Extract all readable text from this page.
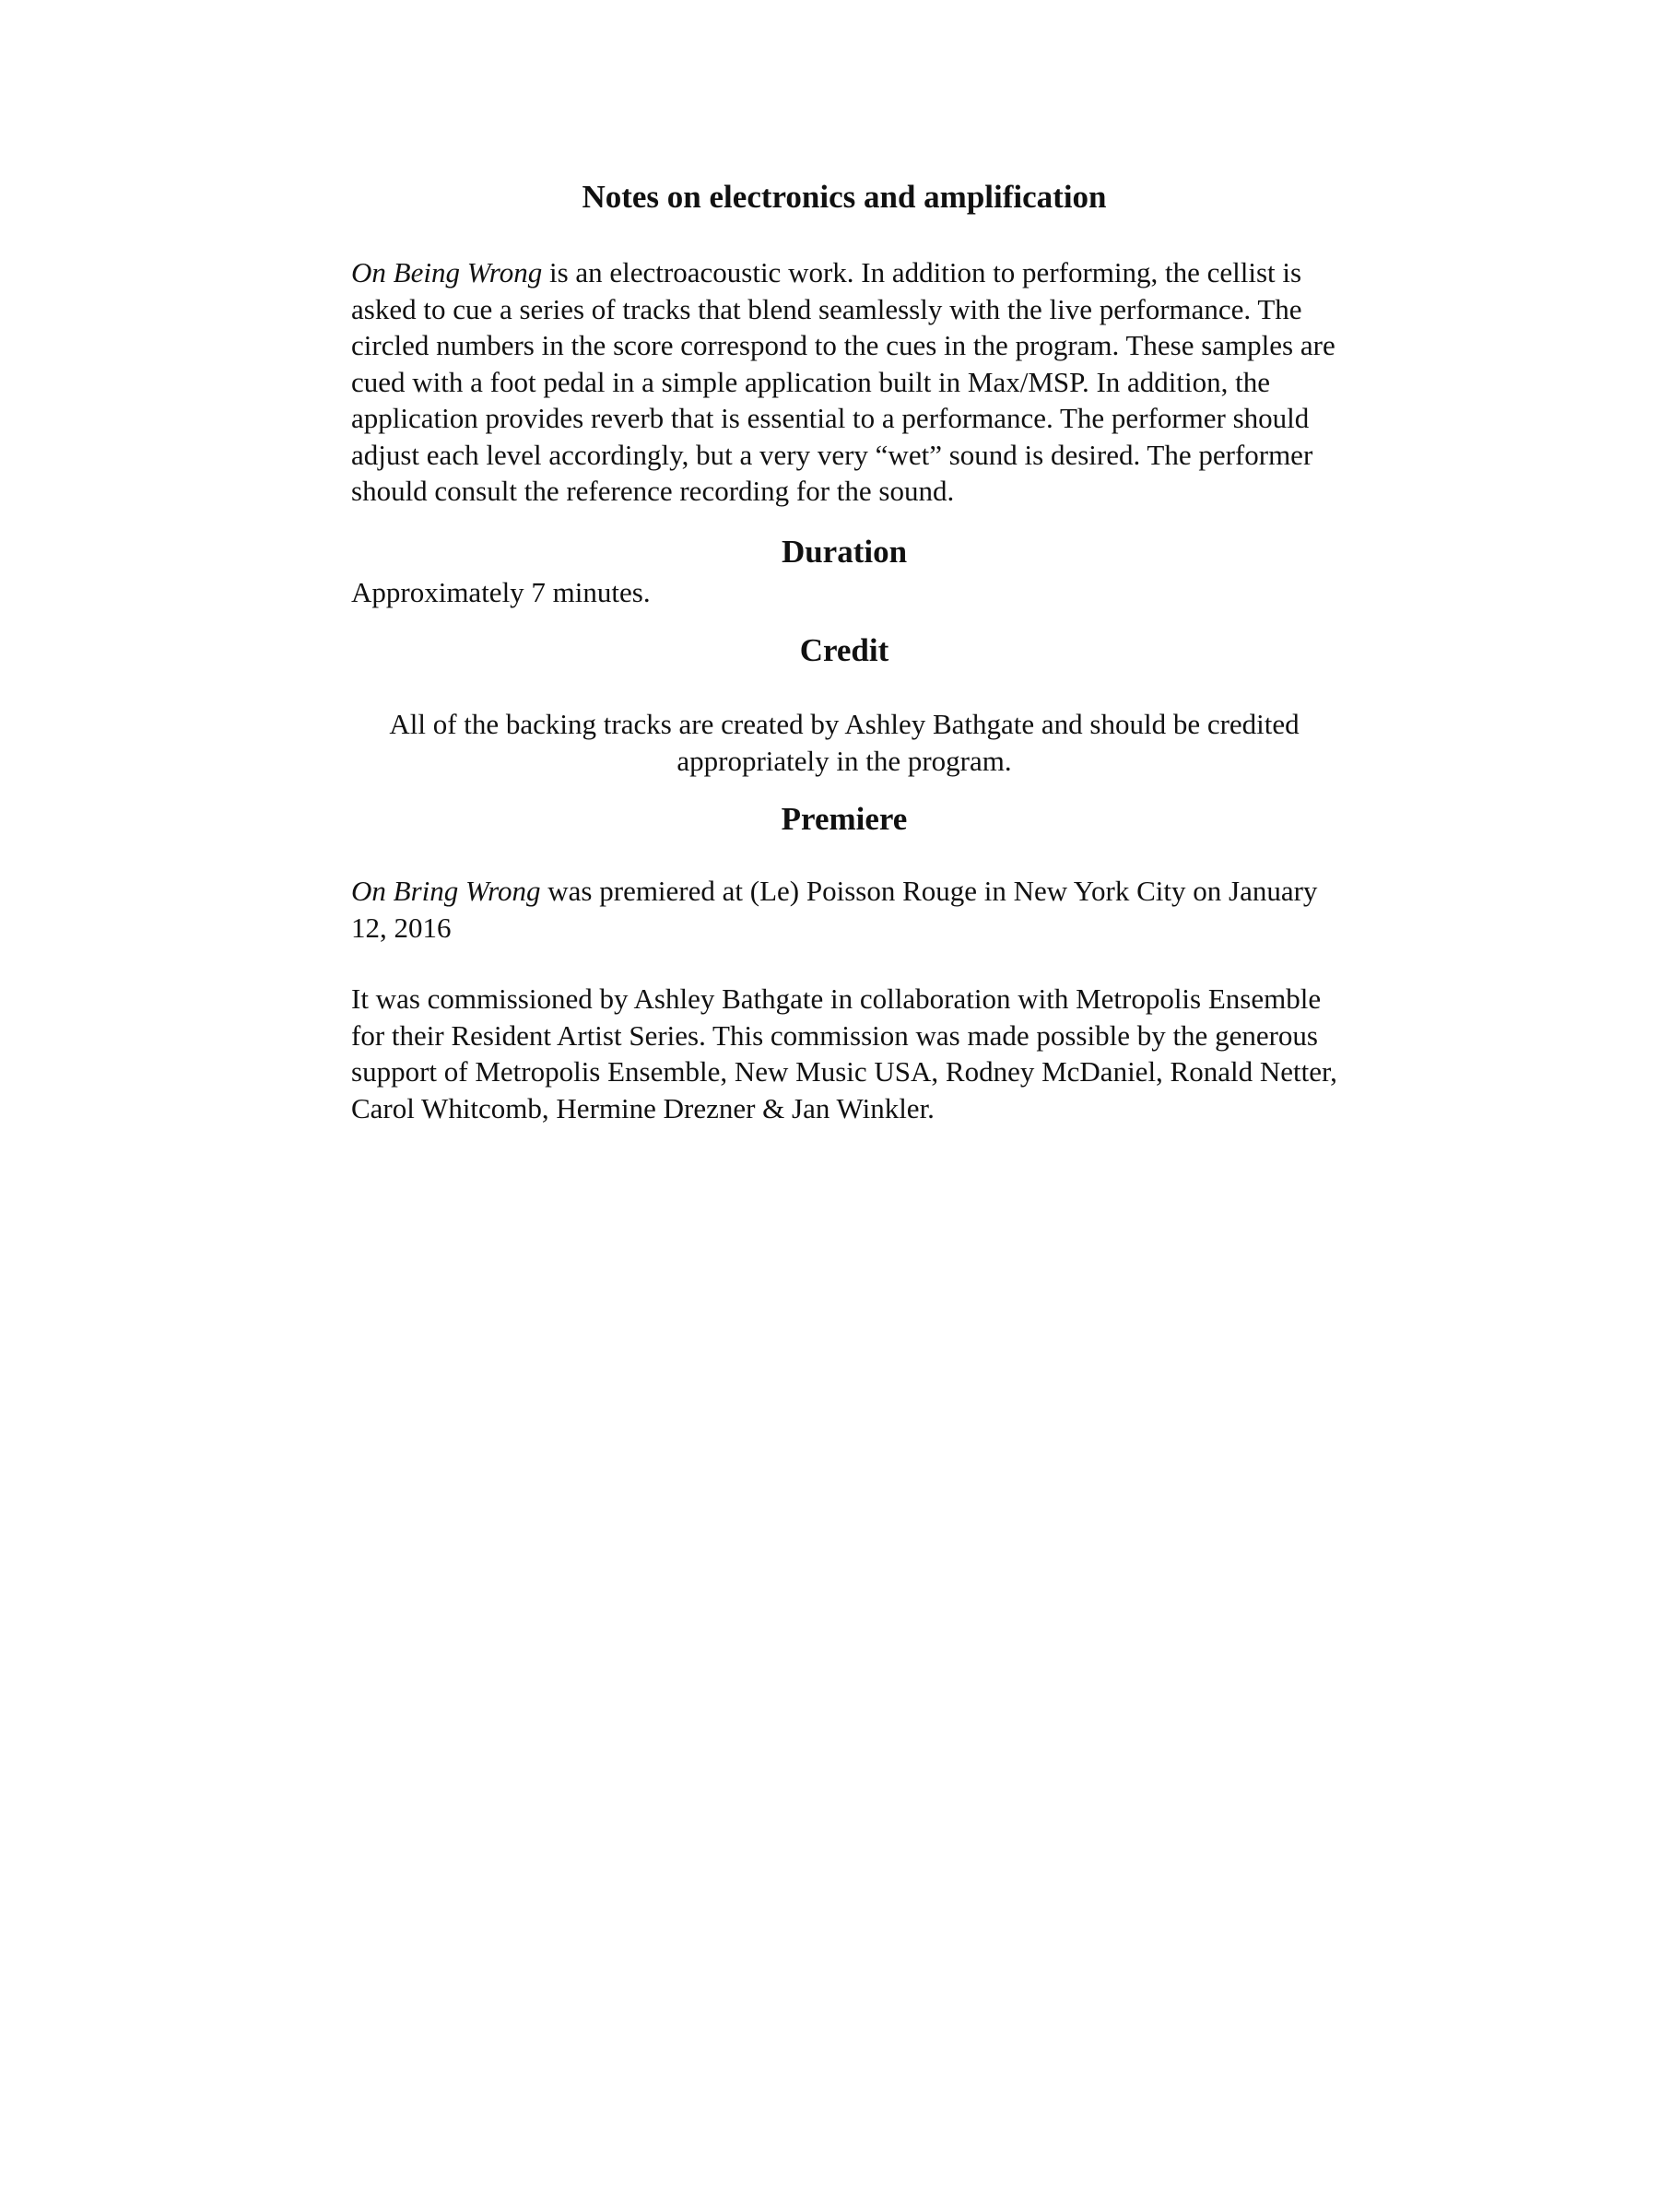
Notes on electronics and amplification

On Being Wrong is an electroacoustic work. In addition to performing, the cellist is asked to cue a series of tracks that blend seamlessly with the live performance. The circled numbers in the score correspond to the cues in the program. These samples are cued with a foot pedal in a simple application built in Max/MSP. In addition, the application provides reverb that is essential to a performance. The performer should adjust each level accordingly, but a very very “wet” sound is desired. The performer should consult the reference recording for the sound.

Duration

Approximately 7 minutes.

Credit

All of the backing tracks are created by Ashley Bathgate and should be credited appropriately in the program.

Premiere

On Bring Wrong was premiered at (Le) Poisson Rouge in New York City on January 12, 2016

It was commissioned by Ashley Bathgate in collaboration with Metropolis Ensemble for their Resident Artist Series. This commission was made possible by the generous support of Metropolis Ensemble, New Music USA, Rodney McDaniel, Ronald Netter, Carol Whitcomb, Hermine Drezner & Jan Winkler.
